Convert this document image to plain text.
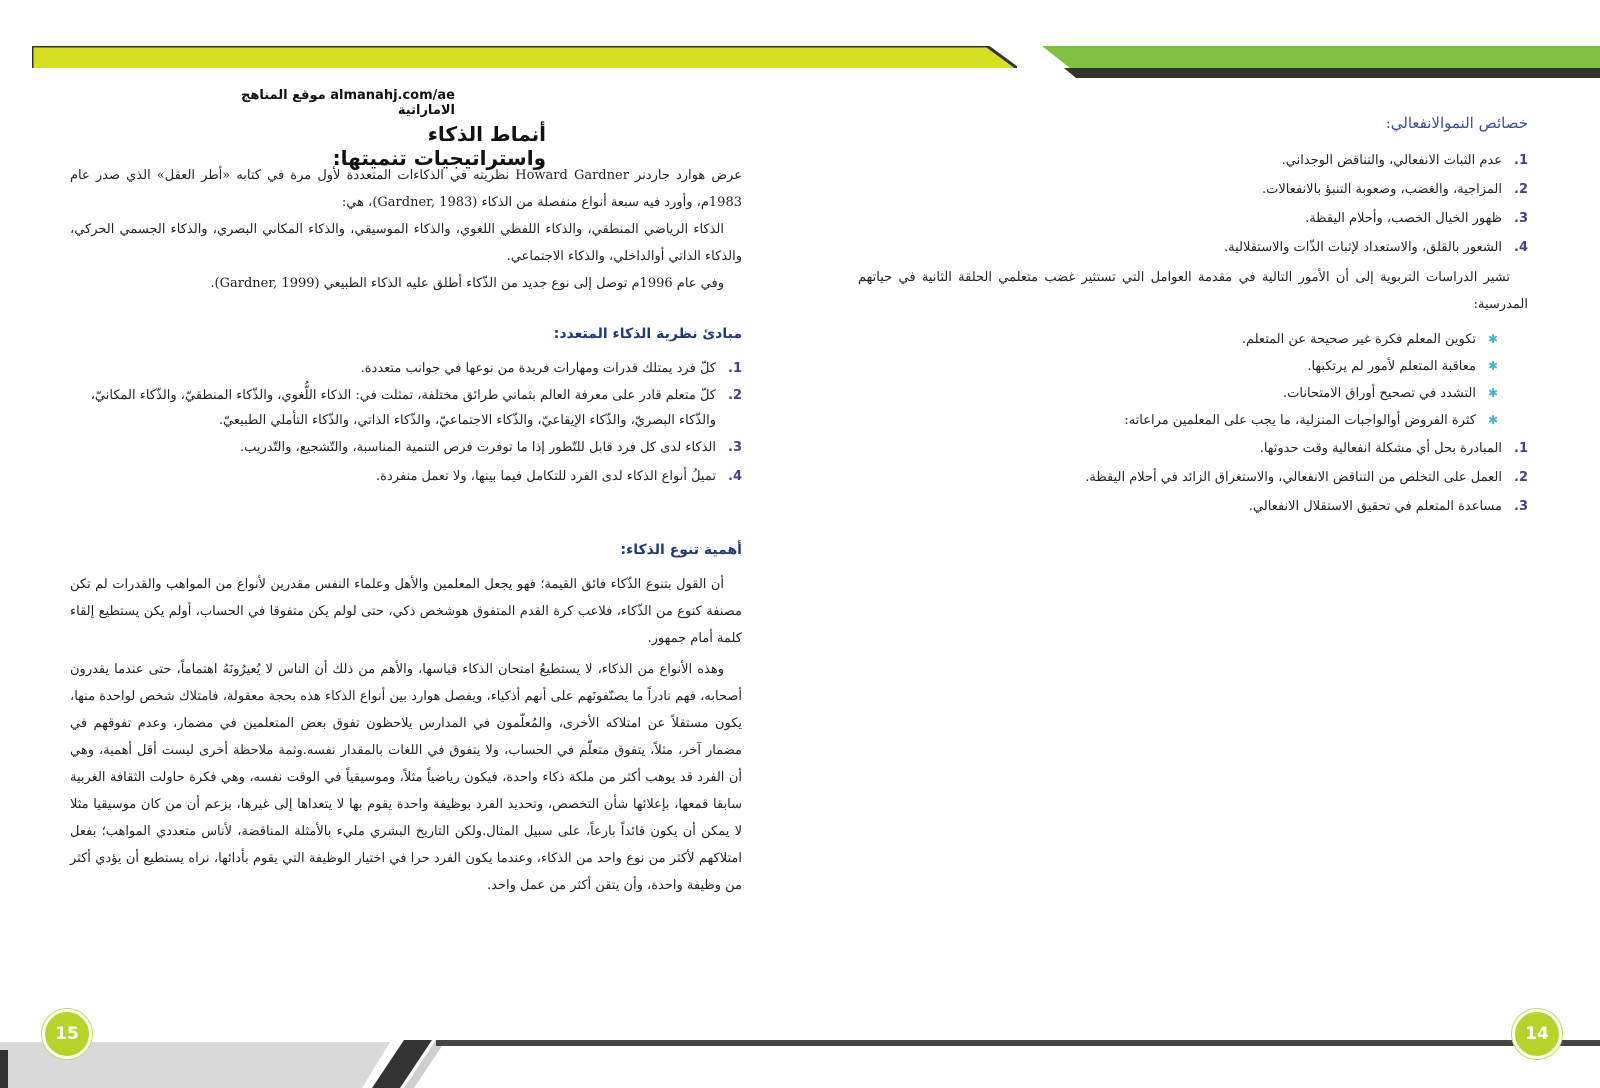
almanahj.com/ae موقع المناهج الاماراتية
أنماط الذكاء واستراتيجيات تنميتها:
عرض هوارد جاردنر Howard Gardner نظريته في الذكاءات المتعددة لأول مرة في كتابه «أطر العقل» الذي صدر عام 1983م، وأورد فيه سبعة أنواع منفصلة من الذكاء (Gardner, 1983)، هي:
الذكاء الرياضي المنطقي، والذكاء اللفظي اللغوي، والذكاء الموسيقي، والذكاء المكاني البصري، والذكاء الجسمي الحركي، والذكاء الذاتي أوالداخلي، والذكاء الاجتماعي.
وفي عام 1996م توصل إلى نوع جديد من الذّكاء أطلق عليه الذكاء الطبيعي (Gardner, 1999).
مبادئ نظرية الذكاء المتعدد:
1.
كلّ فرد يمتلك قدرات ومهارات فريدة من نوعها في جوانب متعددة.
2.
كلّ متعلم قادر على معرفة العالم بثماني طرائق مختلفة، تمثلت في: الذكاء اللُّغوي، والذّكاء المنطقيّ، والذّكاء المكانيّ، والذّكاء البصريّ، والذّكاء الإيقاعيّ، والذّكاء الاجتماعيّ، والذّكاء الذاتي، والذّكاء التأملي الطبيعيّ.
3.
الذكاء لدى كل فرد قابل للتّطور إذا ما توفرت فرص التنمية المناسبة، والتّشجيع، والتّدريب.
4.
تميلُ أنواع الذكاء لدى الفرد للتكامل فيما بينها، ولا تعمل منفردة.
أهمية تنوع الذكاء:
أن القول بتنوع الذّكاء فائق القيمة؛ فهو يجعل المعلمين والأهل وعلماء النفس مقدرين لأنواع من المواهب والقدرات لم تكن مصنفة كنوع من الذّكاء، فلاعب كرة القدم المتفوق هوشخص ذكي، حتى لولم يكن متفوقا في الحساب، أولم يكن يستطيع إلقاء كلمة أمام جمهور.
وهذه الأنواع من الذكاء، لا يستطيعُ امتحان الذكاء قياسها، والأهم من ذلك أن الناس لا يُعيرُونَهُ اهتماماً، حتى عندما يقدرون أصحابه، فهم نادراً ما يصنّفونَهم على أنهم أذكياء، ويفصل هوارد بين أنواع الذكاء هذه بحجة معقولة، فامتلاك شخص لواحدة منها، يكون مستقلاً عن امتلاكه الأخرى، والمُعلّمون في المدارس يلاحظون تفوق بعض المتعلمين في مضمار، وعدم تفوقهم في مضمار آخر، مثلاً، يتفوق متعلّم في الحساب، ولا يتفوق في اللغات بالمقدار نفسه.وثمة ملاحظة أخرى ليست أقل أهمية، وهي أن الفرد قد يوهب أكثر من ملكة ذكاء واحدة، فيكون رياضياً مثلاً، وموسيقياً في الوقت نفسه، وهي فكرة حاولت الثقافة الغربية سابقا قمعها، بإعلائها شأن التخصص، وتحديد الفرد بوظيفة واحدة يقوم بها لا يتعداها إلى غيرها، بزعم أن من كان موسيقيا مثلا لا يمكن أن يكون قائداً بارعاً، على سبيل المثال.ولكن التاريخ البشري مليء بالأمثلة المناقضة، لأناس متعددي المواهب؛ بفعل امتلاكهم لأكثر من نوع واحد من الذكاء، وعندما يكون الفرد حرا في اختيار الوظيفة التي يقوم بأدائها، نراه يستطيع أن يؤدي أكثر من وظيفة واحدة، وأن يتقن أكثر من عمل واحد.
خصائص النموالانفعالي:
1.
عدم الثبات الانفعالي، والتناقض الوجداني.
2.
المزاجية، والغضب، وصعوبة التنبؤ بالانفعالات.
3.
ظهور الخيال الخصب، وأحلام اليقظة.
4.
الشعور بالقلق، والاستعداد لإثبات الذّات والاستقلالية.
تشير الدراسات التربوية إلى أن الأمور التالية في مقدمة العوامل التي تستثير غضب متعلمي الحلقة الثانية في حياتهم المدرسية:
✱
تكوين المعلم فكرة غير صحيحة عن المتعلم.
✱
معاقبة المتعلم لأمور لم يرتكبها.
✱
التشدد في تصحيح أوراق الامتحانات.
✱
كثرة الفروض أوالواجبات المنزلية، ما يجب على المعلمين مراعاته:
1.
المبادرة بحل أي مشكلة انفعالية وقت حدوثها.
2.
العمل على التخلص من التناقض الانفعالي، والاستغراق الزائد في أحلام اليقظة.
3.
مساعدة المتعلم في تحقيق الاستقلال الانفعالي.
15	14
